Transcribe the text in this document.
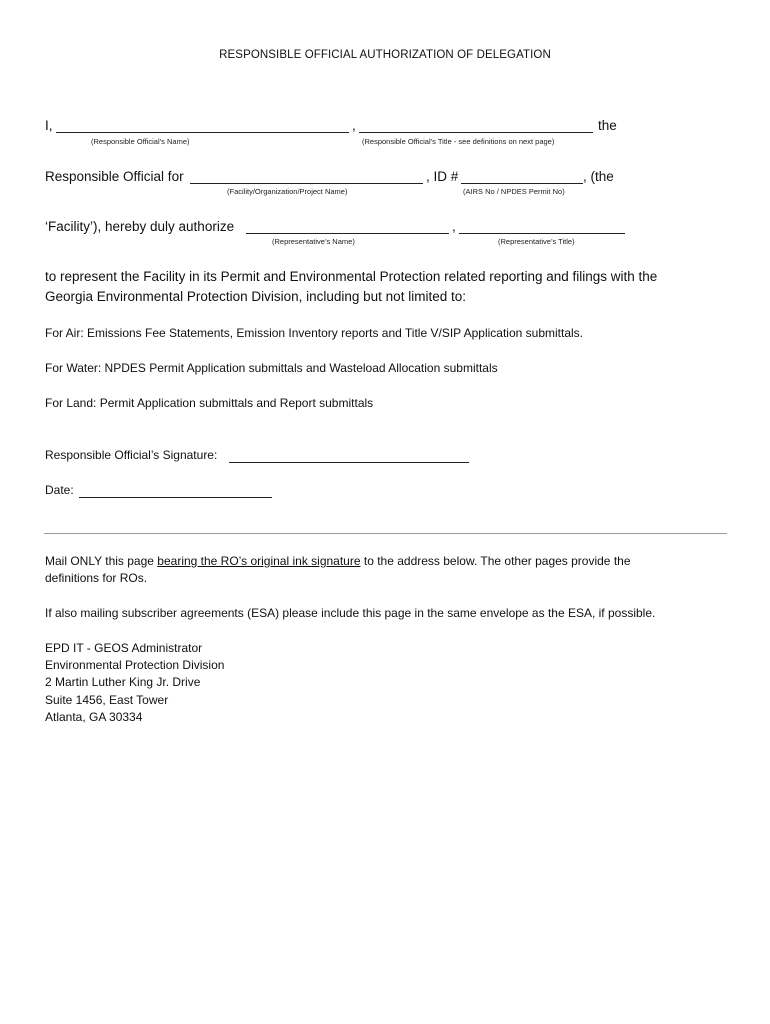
RESPONSIBLE OFFICIAL AUTHORIZATION OF DELEGATION
I,	,	the
(Responsible Official’s Name)	(Responsible Official’s Title - see definitions on next page)
Responsible Official for	, ID #	, (the
(Facility/Organization/Project Name)	(AIRS No / NPDES Permit No)
‘Facility’), hereby duly authorize	,
(Representative’s Name)	(Representative’s Title)
to represent the Facility in its Permit and Environmental Protection related reporting and filings with the Georgia Environmental Protection Division, including but not limited to:
For Air: Emissions Fee Statements, Emission Inventory reports and Title V/SIP Application submittals.
For Water: NPDES Permit Application submittals and Wasteload Allocation submittals
For Land: Permit Application submittals and Report submittals
Responsible Official’s Signature:
Date:
Mail ONLY this page bearing the RO’s original ink signature to the address below. The other pages provide the definitions for ROs.
If also mailing subscriber agreements (ESA) please include this page in the same envelope as the ESA, if possible.
EPD IT - GEOS Administrator
Environmental Protection Division
2 Martin Luther King Jr. Drive
Suite 1456, East Tower
Atlanta, GA 30334
